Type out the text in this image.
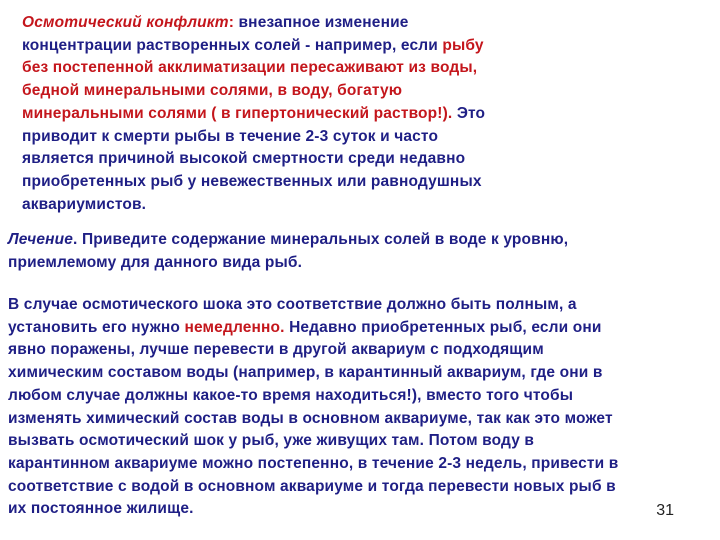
Осмотический конфликт: внезапное изменение
концентрации растворенных солей - например, если рыбу
без постепенной акклиматизации пересаживают из воды,
бедной минеральными солями, в воду, богатую
минеральными солями ( в гипертонический раствор!). Это
приводит к смерти рыбы в течение 2-3 суток и часто
является причиной высокой смертности среди недавно
приобретенных рыб у невежественных или равнодушных
аквариумистов.
Лечение. Приведите содержание минеральных солей в воде к уровню,
приемлемому для данного вида рыб.
В случае осмотического шока это соответствие должно быть полным, а
установить его нужно немедленно. Недавно приобретенных рыб, если они
явно поражены, лучше перевести в другой аквариум с подходящим
химическим составом воды (например, в карантинный аквариум, где они в
любом случае должны какое-то время находиться!), вместо того чтобы
изменять химический состав воды в основном аквариуме, так как это может
вызвать осмотический шок у рыб, уже живущих там. Потом воду в
карантинном аквариуме можно постепенно, в течение 2-3 недель, привести в
соответствие с водой в основном аквариуме и тогда перевести новых рыб в
их постоянное жилище.	31
